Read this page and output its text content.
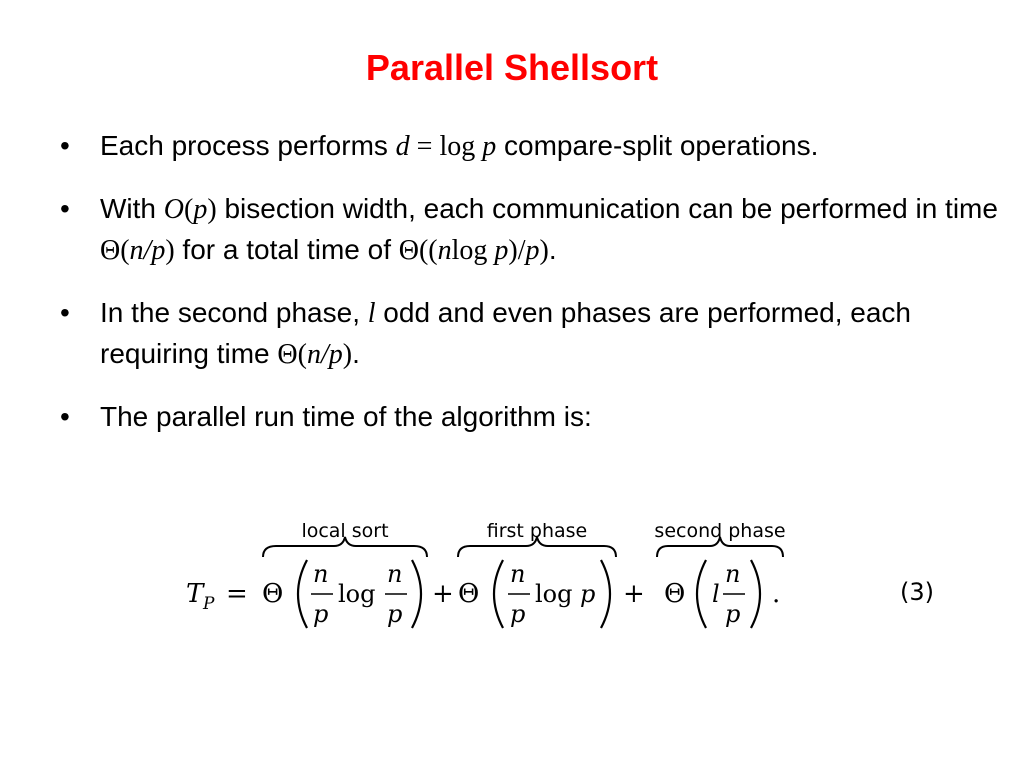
Parallel Shellsort
• Each process performs d = log p compare-split operations.
• With O(p) bisection width, each communication can be performed in time Θ(n/p) for a total time of Θ((nlog p)/p).
• In the second phase, l odd and even phases are performed, each requiring time Θ(n/p).
• The parallel run time of the algorithm is:
local sort	first phase	second phase
T P = Θ
n
p
log
n
p
+ Θ
n
p
log p + Θ l
n
p
.	(3)
